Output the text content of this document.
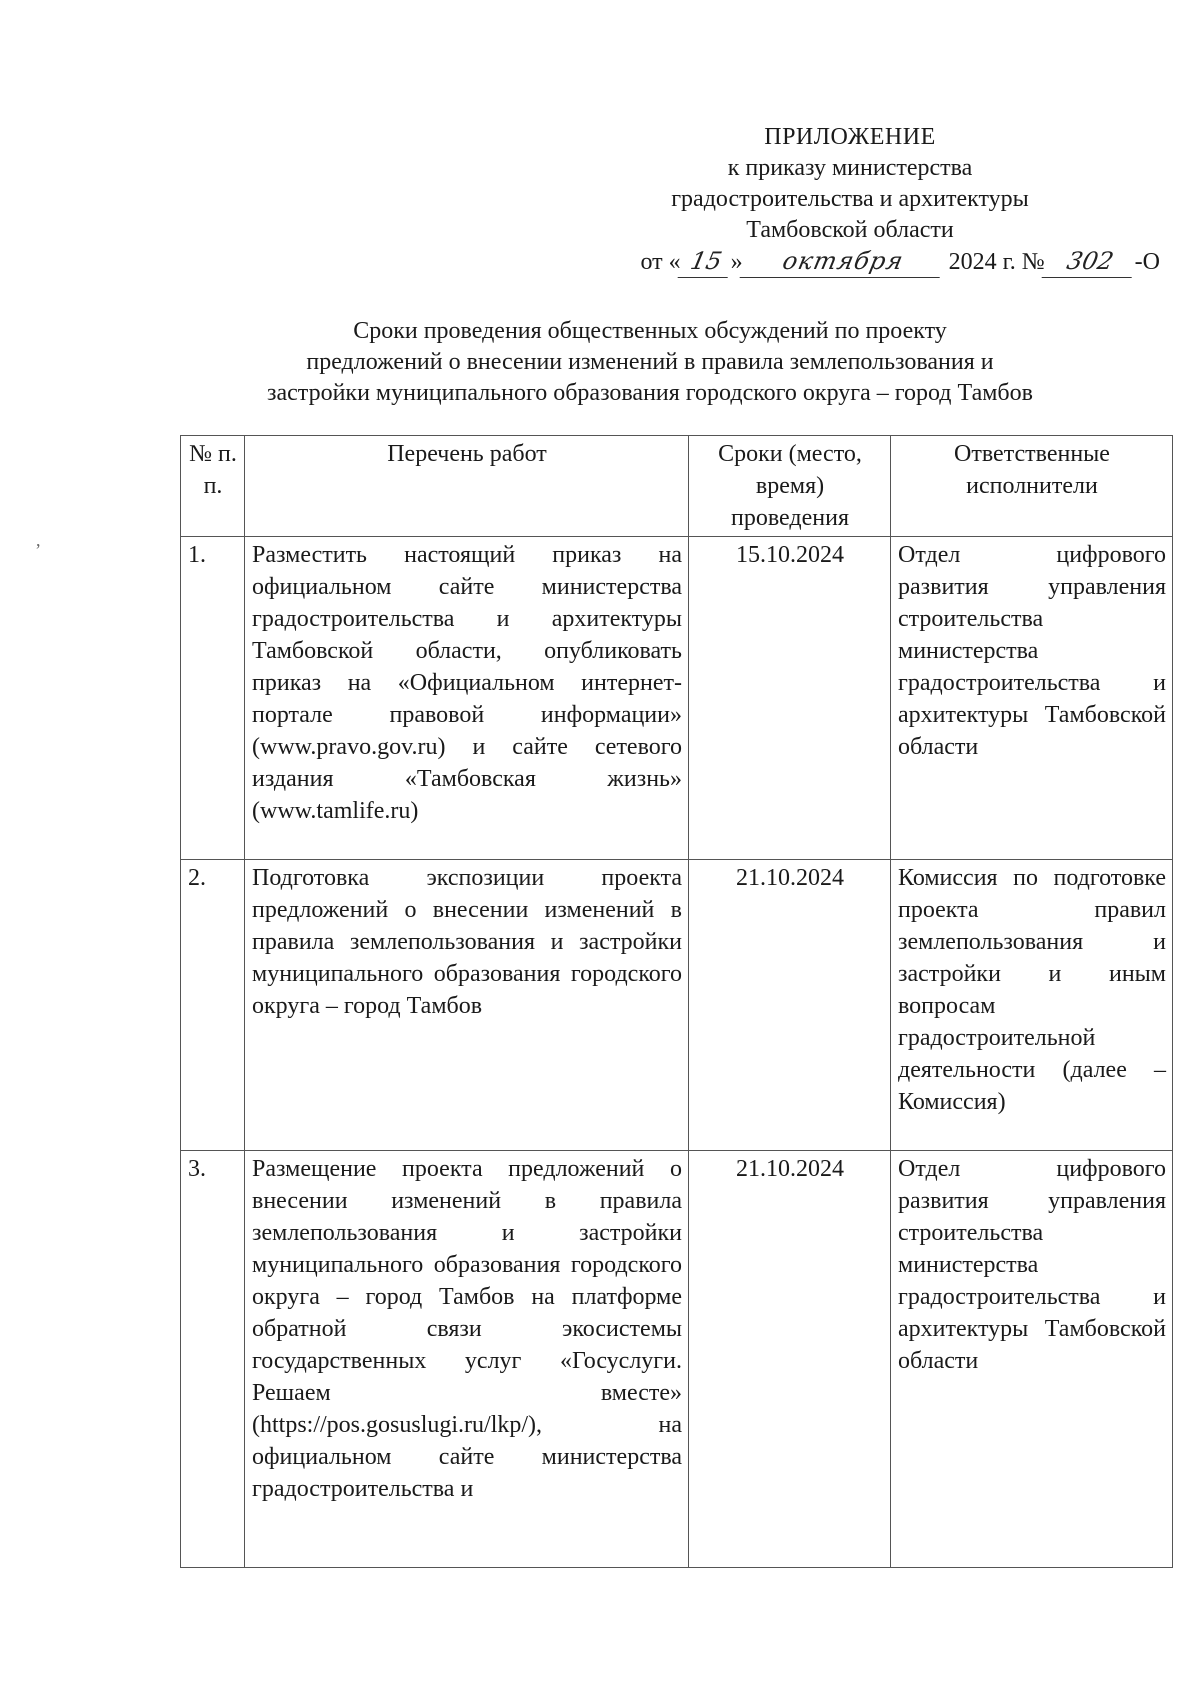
ПРИЛОЖЕНИЕ
к приказу министерства
градостроительства и архитектуры
Тамбовской области
от « 15 » октября 2024 г. № 302 -О
Сроки проведения общественных обсуждений по проекту
предложений о внесении изменений в правила землепользования и
застройки муниципального образования городского округа – город Тамбов
,
№ п. п.	Перечень работ	Сроки (место, время) проведения	Ответственные исполнители
1.	Разместить настоящий приказ на официальном сайте министерства градостроительства и архитектуры Тамбовской области, опубликовать приказ на «Официальном интернет-портале правовой информации» (www.pravo.gov.ru) и сайте сетевого издания «Тамбовская жизнь» (www.tamlife.ru)	15.10.2024	Отдел цифрового развития управления строительства министерства градостроительства и архитектуры Тамбовской области
2.	Подготовка экспозиции проекта предложений о внесении изменений в правила землепользования и застройки муниципального образования городского округа – город Тамбов	21.10.2024	Комиссия по подготовке проекта правил землепользования и застройки и иным вопросам градостроительной деятельности (далее – Комиссия)
3.	Размещение проекта предложений о внесении изменений в правила землепользования и застройки муниципального образования городского округа – город Тамбов на платформе обратной связи экосистемы государственных услуг «Госуслуги. Решаем вместе» (https://pos.gosuslugi.ru/lkp/), на официальном сайте министерства градостроительства и	21.10.2024	Отдел цифрового развития управления строительства министерства градостроительства и архитектуры Тамбовской области
